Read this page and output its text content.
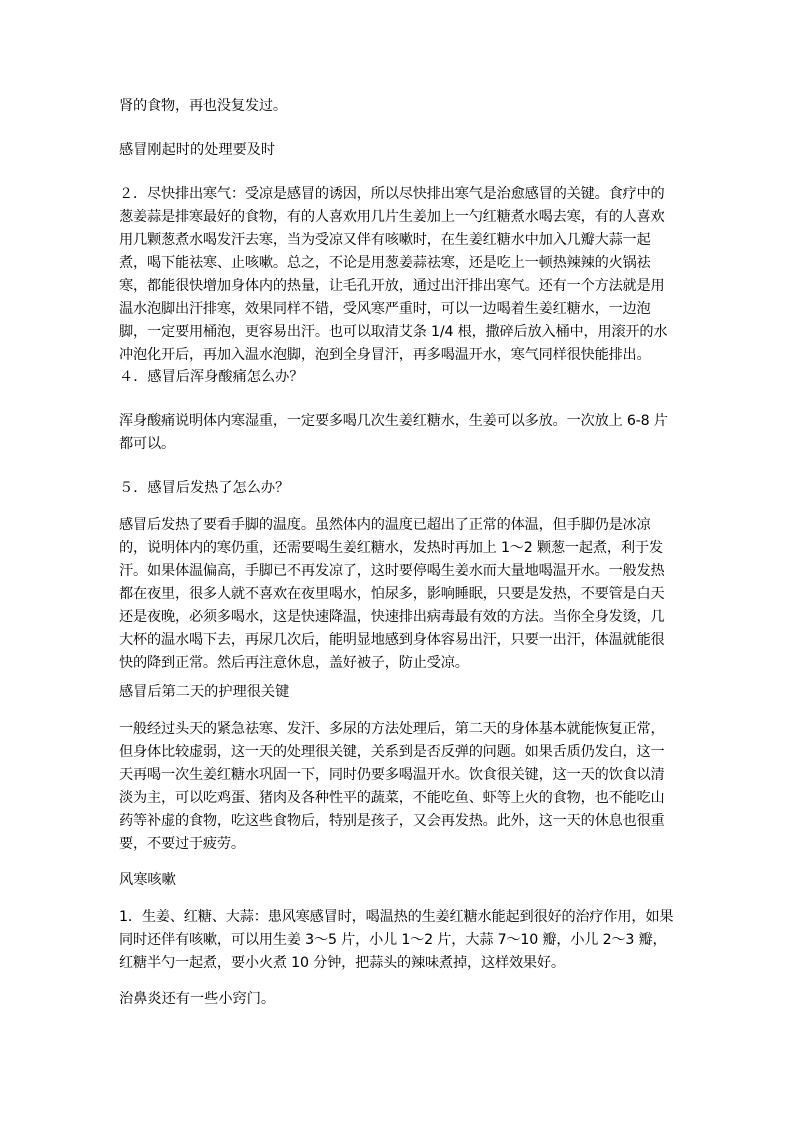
肾的食物，再也没复发过。

感冒刚起时的处理要及时

２．尽快排出寒气：受凉是感冒的诱因，所以尽快排出寒气是治愈感冒的关键。食疗中的葱姜蒜是排寒最好的食物，有的人喜欢用几片生姜加上一勺红糖煮水喝去寒，有的人喜欢用几颗葱煮水喝发汗去寒，当为受凉又伴有咳嗽时，在生姜红糖水中加入几瓣大蒜一起煮，喝下能祛寒、止咳嗽。总之，不论是用葱姜蒜祛寒，还是吃上一顿热辣辣的火锅祛寒，都能很快增加身体内的热量，让毛孔开放，通过出汗排出寒气。还有一个方法就是用温水泡脚出汗排寒，效果同样不错，受风寒严重时，可以一边喝着生姜红糖水，一边泡脚，一定要用桶泡，更容易出汗。也可以取清艾条 1/4 根，撒碎后放入桶中，用滚开的水冲泡化开后，再加入温水泡脚，泡到全身冒汗，再多喝温开水，寒气同样很快能排出。

４．感冒后浑身酸痛怎么办？

浑身酸痛说明体内寒湿重，一定要多喝几次生姜红糖水，生姜可以多放。一次放上 6-8 片都可以。

５．感冒后发热了怎么办？

感冒后发热了要看手脚的温度。虽然体内的温度已超出了正常的体温，但手脚仍是冰凉的，说明体内的寒仍重，还需要喝生姜红糖水，发热时再加上 1～2 颗葱一起煮，利于发汗。如果体温偏高，手脚已不再发凉了，这时要停喝生姜水而大量地喝温开水。一般发热都在夜里，很多人就不喜欢在夜里喝水，怕尿多，影响睡眠，只要是发热，不要管是白天还是夜晚，必须多喝水，这是快速降温，快速排出病毒最有效的方法。当你全身发烫，几大杯的温水喝下去，再尿几次后，能明显地感到身体容易出汗，只要一出汗，体温就能很快的降到正常。然后再注意休息，盖好被子，防止受凉。

感冒后第二天的护理很关键

一般经过头天的紧急祛寒、发汗、多尿的方法处理后，第二天的身体基本就能恢复正常，但身体比较虚弱，这一天的处理很关键，关系到是否反弹的问题。如果舌质仍发白，这一天再喝一次生姜红糖水巩固一下，同时仍要多喝温开水。饮食很关键，这一天的饮食以清淡为主，可以吃鸡蛋、猪肉及各种性平的蔬菜，不能吃鱼、虾等上火的食物，也不能吃山药等补虚的食物，吃这些食物后，特别是孩子，又会再发热。此外，这一天的休息也很重要，不要过于疲劳。

风寒咳嗽

1．生姜、红糖、大蒜：患风寒感冒时，喝温热的生姜红糖水能起到很好的治疗作用，如果同时还伴有咳嗽，可以用生姜 3～5 片，小儿 1～2 片，大蒜 7～10 瓣，小儿 2～3 瓣，红糖半勺一起煮，要小火煮 10 分钟，把蒜头的辣味煮掉，这样效果好。

治鼻炎还有一些小窍门。
